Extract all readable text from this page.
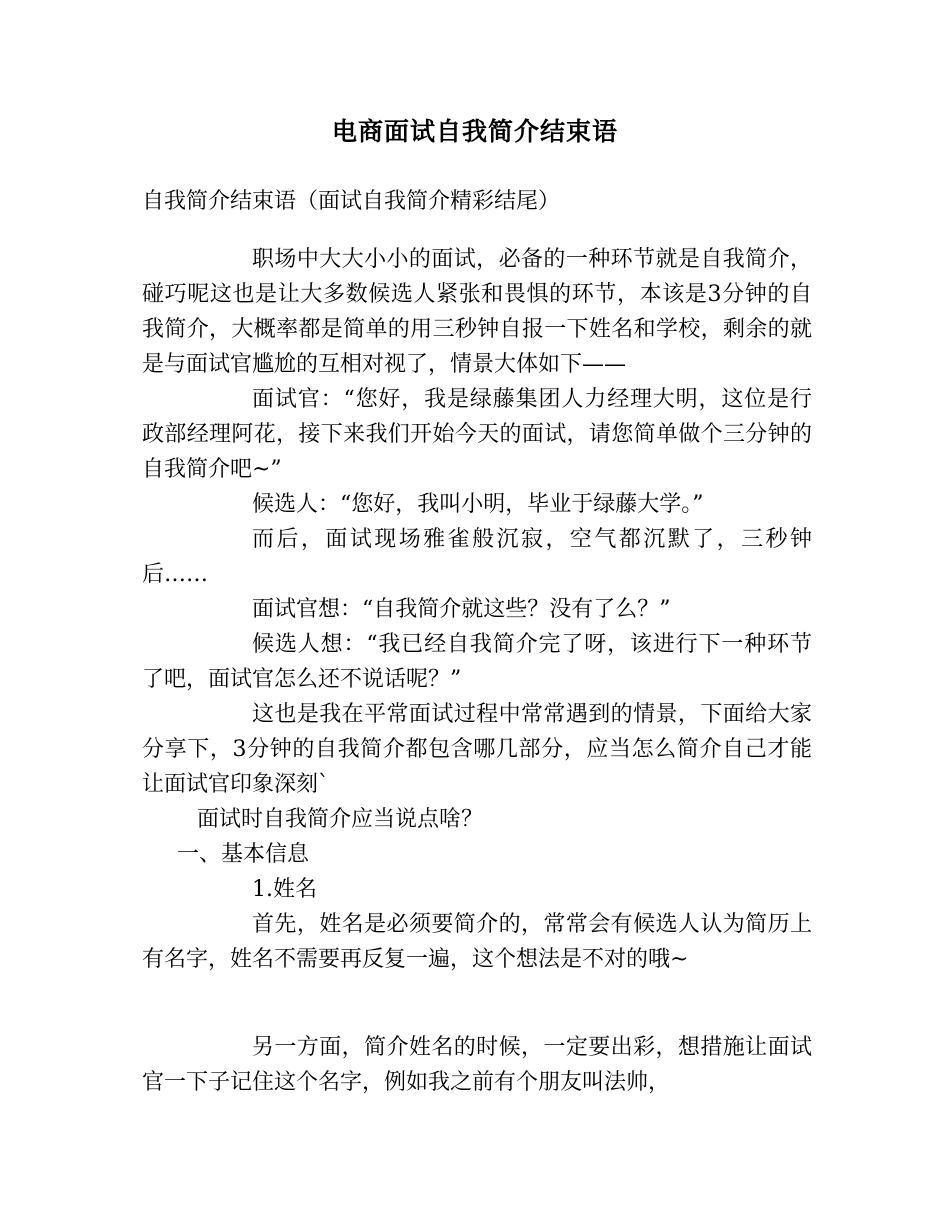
电商面试自我简介结束语
自我简介结束语（面试自我简介精彩结尾）

职场中大大小小的面试，必备的一种环节就是自我简介，碰巧呢这也是让大多数候选人紧张和畏惧的环节，本该是3分钟的自我简介，大概率都是简单的用三秒钟自报一下姓名和学校，剩余的就是与面试官尴尬的互相对视了，情景大体如下——

面试官：“您好，我是绿藤集团人力经理大明，这位是行政部经理阿花，接下来我们开始今天的面试，请您简单做个三分钟的自我简介吧~”

候选人：“您好，我叫小明，毕业于绿藤大学。”

而后，面试现场雅雀般沉寂，空气都沉默了，三秒钟后……

面试官想：“自我简介就这些？没有了么？”

候选人想：“我已经自我简介完了呀，该进行下一种环节了吧，面试官怎么还不说话呢？”

这也是我在平常面试过程中常常遇到的情景，下面给大家分享下，3分钟的自我简介都包含哪几部分，应当怎么简介自己才能让面试官印象深刻`

面试时自我简介应当说点啥？

一、基本信息

1.姓名

首先，姓名是必须要简介的，常常会有候选人认为简历上有名字，姓名不需要再反复一遍，这个想法是不对的哦~

另一方面，简介姓名的时候，一定要出彩，想措施让面试官一下子记住这个名字，例如我之前有个朋友叫法帅，
